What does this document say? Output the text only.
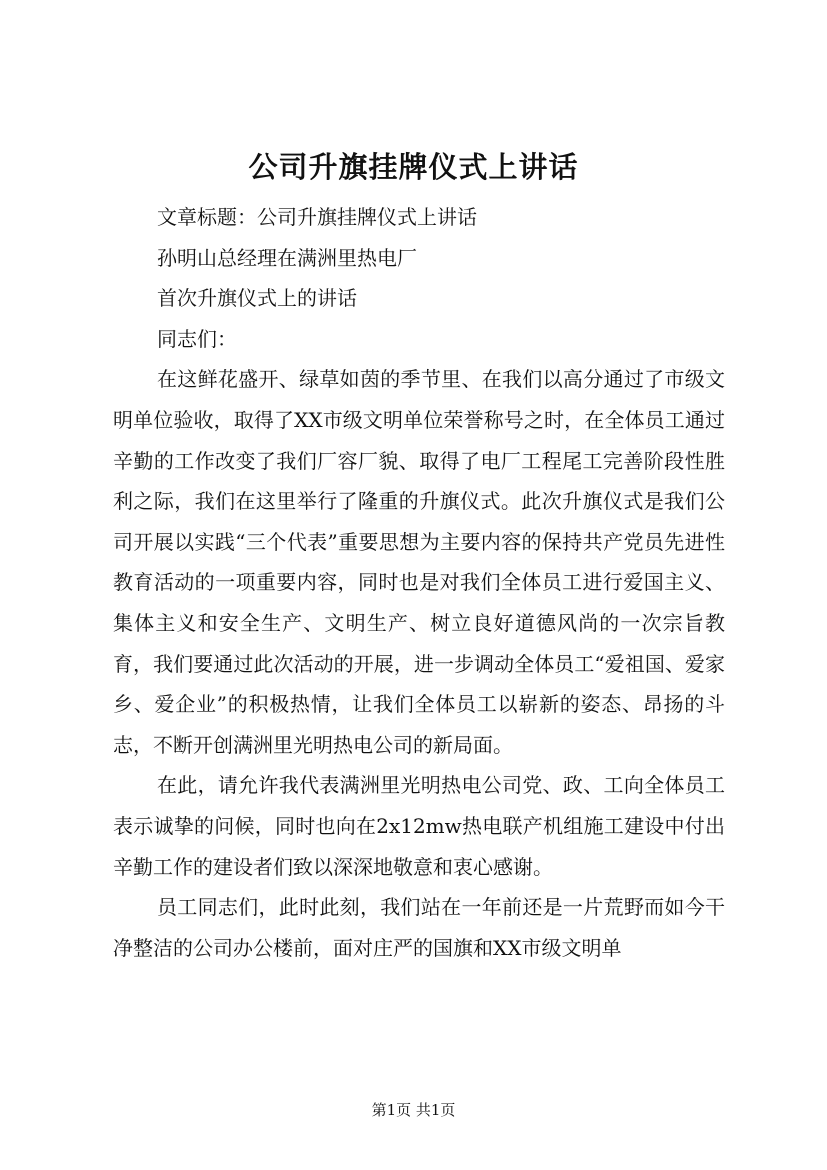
公司升旗挂牌仪式上讲话

文章标题：公司升旗挂牌仪式上讲话

孙明山总经理在满洲里热电厂

首次升旗仪式上的讲话

同志们：

在这鲜花盛开、绿草如茵的季节里、在我们以高分通过了市级文明单位验收，取得了XX市级文明单位荣誉称号之时，在全体员工通过辛勤的工作改变了我们厂容厂貌、取得了电厂工程尾工完善阶段性胜利之际，我们在这里举行了隆重的升旗仪式。此次升旗仪式是我们公司开展以实践“三个代表”重要思想为主要内容的保持共产党员先进性教育活动的一项重要内容，同时也是对我们全体员工进行爱国主义、集体主义和安全生产、文明生产、树立良好道德风尚的一次宗旨教育，我们要通过此次活动的开展，进一步调动全体员工“爱祖国、爱家乡、爱企业”的积极热情，让我们全体员工以崭新的姿态、昂扬的斗志，不断开创满洲里光明热电公司的新局面。

在此，请允许我代表满洲里光明热电公司党、政、工向全体员工表示诚挚的问候，同时也向在2x12mw热电联产机组施工建设中付出辛勤工作的建设者们致以深深地敬意和衷心感谢。

员工同志们，此时此刻，我们站在一年前还是一片荒野而如今干净整洁的公司办公楼前，面对庄严的国旗和XX市级文明单

第1页 共1页
